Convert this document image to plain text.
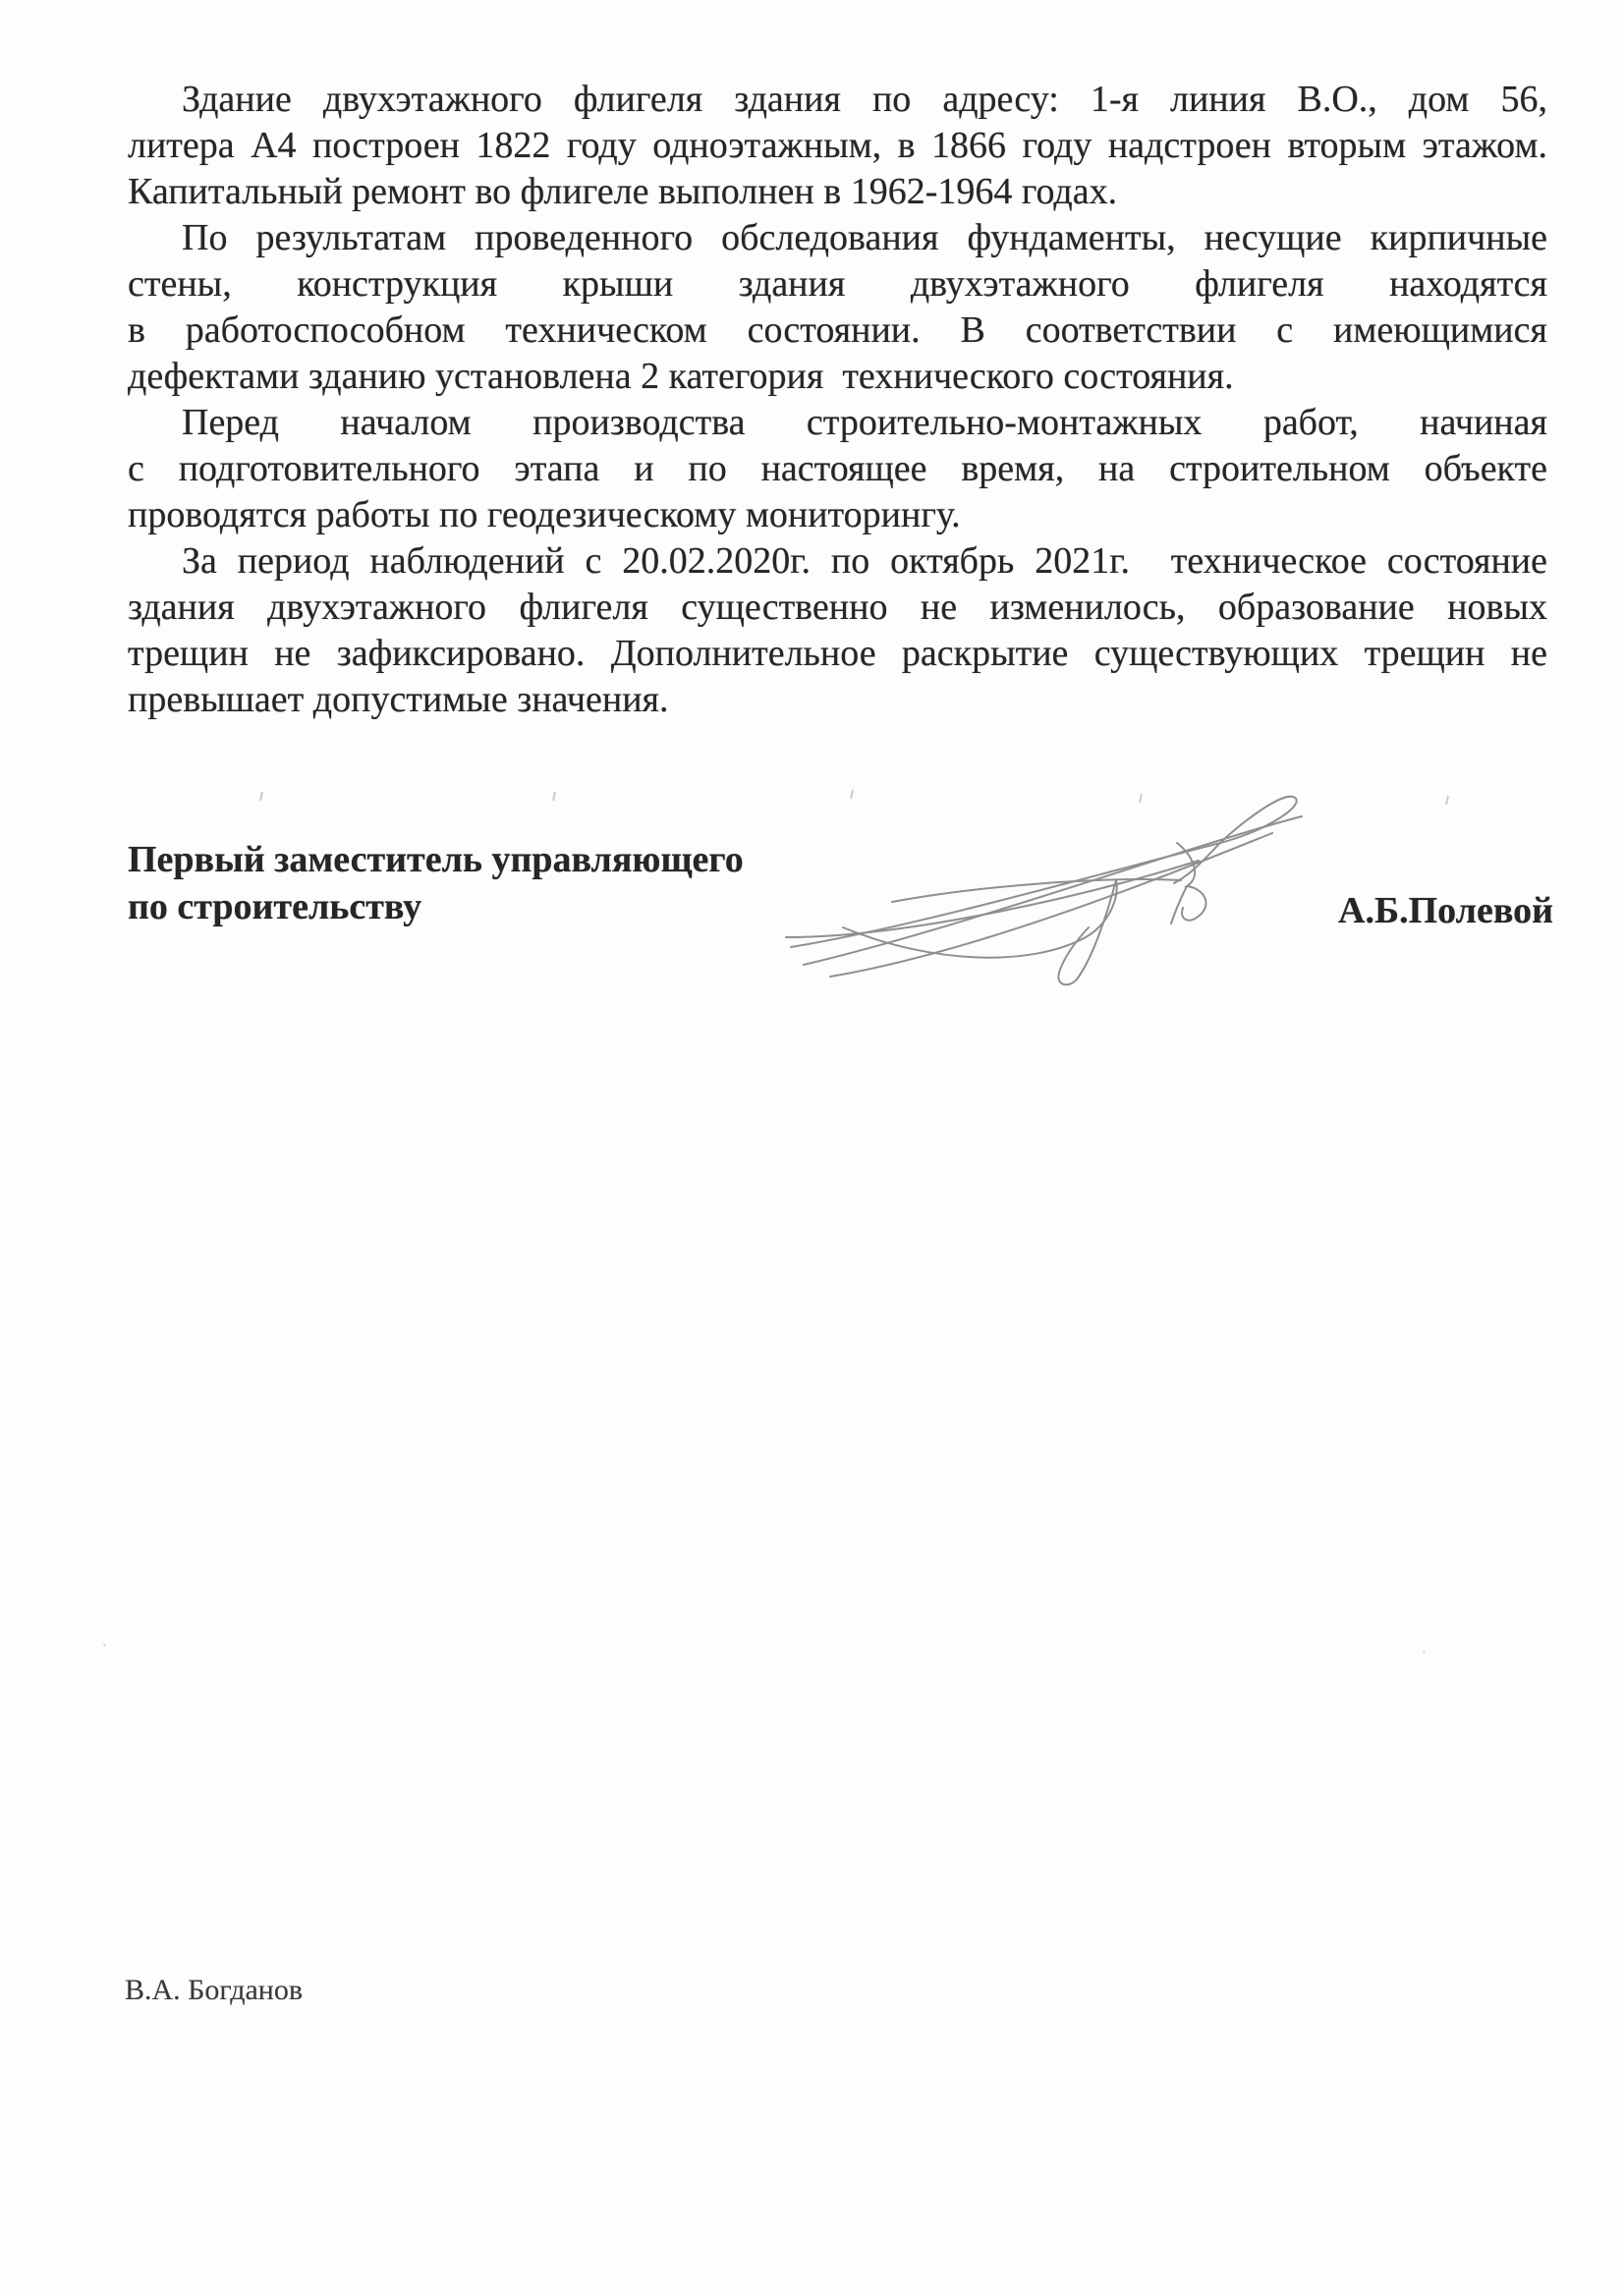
Здание двухэтажного флигеля здания по адресу: 1-я линия В.О., дом 56,
литера А4 построен 1822 году одноэтажным, в 1866 году надстроен вторым этажом.
Капитальный ремонт во флигеле выполнен в 1962-1964 годах.
По результатам проведенного обследования фундаменты, несущие кирпичные
стены, конструкция крыши здания двухэтажного флигеля находятся
в работоспособном техническом состоянии. В соответствии с имеющимися
дефектами зданию установлена 2 категория  технического состояния.
Перед началом производства строительно-монтажных работ, начиная
с подготовительного этапа и по настоящее время, на строительном объекте
проводятся работы по геодезическому мониторингу.
За период наблюдений с 20.02.2020г. по октябрь 2021г.  техническое состояние
здания двухэтажного флигеля существенно не изменилось, образование новых
трещин не зафиксировано. Дополнительное раскрытие существующих трещин не
превышает допустимые значения.
Первый заместитель управляющего
по строительству	А.Б.Полевой
В.А. Богданов
